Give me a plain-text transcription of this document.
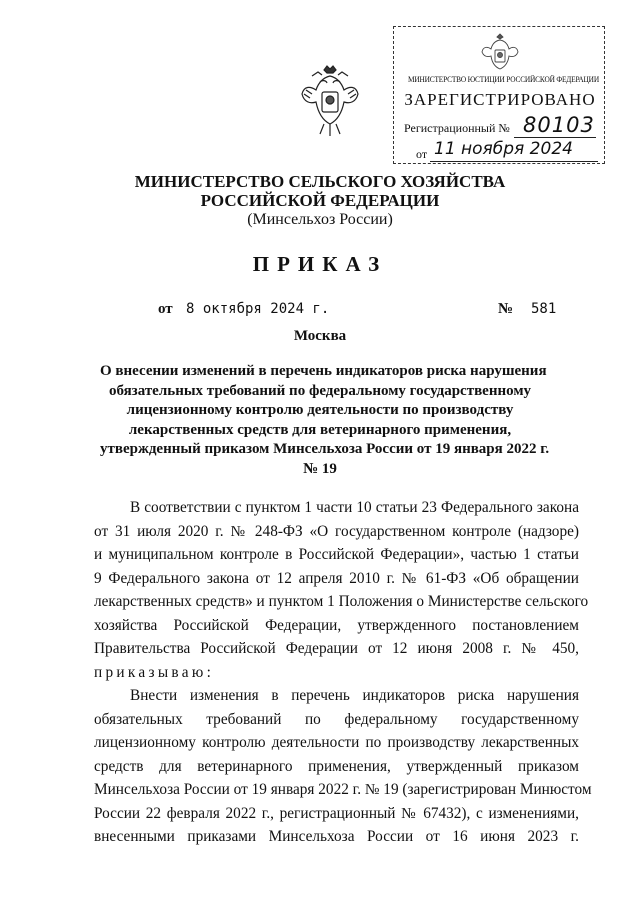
МИНИСТЕРСТВО ЮСТИЦИИ РОССИЙСКОЙ ФЕДЕРАЦИИ
ЗАРЕГИСТРИРОВАНО
Регистрационный № 80103
от 11 ноября 2024
МИНИСТЕРСТВО СЕЛЬСКОГО ХОЗЯЙСТВА
РОССИЙСКОЙ ФЕДЕРАЦИИ
(Минсельхоз России)
ПРИКАЗ
от 8 октября 2024 г.	№ 581
Москва
О внесении изменений в перечень индикаторов риска нарушения
обязательных требований по федеральному государственному
лицензионному контролю деятельности по производству
лекарственных средств для ветеринарного применения,
утвержденный приказом Минсельхоза России от 19 января 2022 г.
№ 19
В соответствии с пунктом 1 части 10 статьи 23 Федерального закона
от 31 июля 2020 г. № 248-ФЗ «О государственном контроле (надзоре)
и муниципальном контроле в Российской Федерации», частью 1 статьи
9 Федерального закона от 12 апреля 2010 г. № 61-ФЗ «Об обращении
лекарственных средств» и пунктом 1 Положения о Министерстве сельского
хозяйства Российской Федерации, утвержденного постановлением
Правительства Российской Федерации от 12 июня 2008 г. № 450,
приказываю:
Внести изменения в перечень индикаторов риска нарушения
обязательных требований по федеральному государственному
лицензионному контролю деятельности по производству лекарственных
средств для ветеринарного применения, утвержденный приказом
Минсельхоза России от 19 января 2022 г. № 19 (зарегистрирован Минюстом
России 22 февраля 2022 г., регистрационный № 67432), с изменениями,
внесенными приказами Минсельхоза России от 16 июня 2023 г.
